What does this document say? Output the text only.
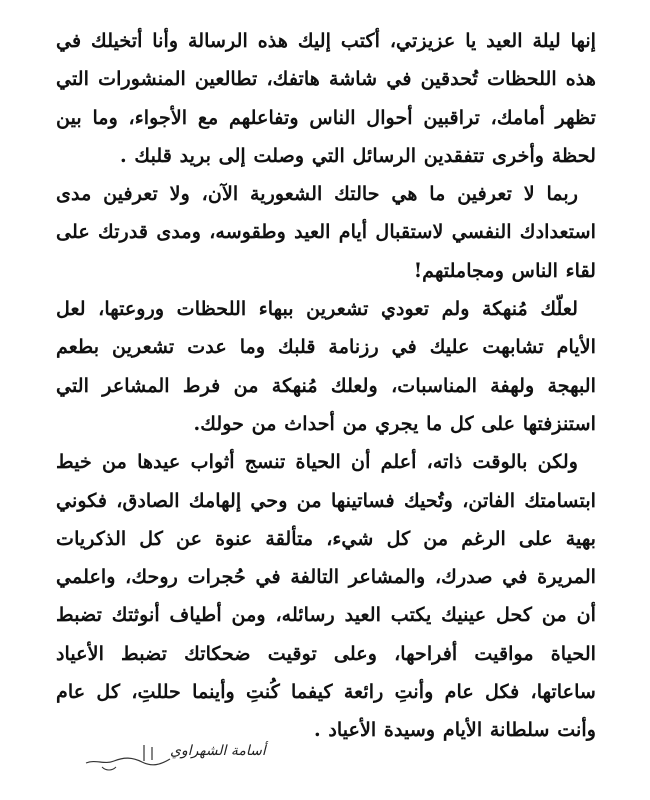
إنها ليلة العيد يا عزيزتي، أكتب إليك هذه الرسالة وأنا أتخيلك في هذه اللحظات تُحدقين في شاشة هاتفك، تطالعين المنشورات التي تظهر أمامك، تراقبين أحوال الناس وتفاعلهم مع الأجواء، وما بين لحظة وأخرى تتفقدين الرسائل التي وصلت إلى بريد قلبك .

ربما لا تعرفين ما هي حالتك الشعورية الآن، ولا تعرفين مدى استعدادك النفسي لاستقبال أيام العيد وطقوسه، ومدى قدرتك على لقاء الناس ومجاملتهم!

لعلّك مُنهكة ولم تعودي تشعرين ببهاء اللحظات وروعتها، لعل الأيام تشابهت عليك في رزنامة قلبك وما عدت تشعرين بطعم البهجة ولهفة المناسبات، ولعلك مُنهكة من فرط المشاعر التي استنزفتها على كل ما يجري من أحداث من حولك.

ولكن بالوقت ذاته، أعلم أن الحياة تنسج أثواب عيدها من خيط ابتسامتك الفاتن، وتُحيك فساتينها من وحي إلهامك الصادق، فكوني بهية على الرغم من كل شيء، متألقة عنوة عن كل الذكريات المريرة في صدرك، والمشاعر التالفة في حُجرات روحك، واعلمي أن من كحل عينيك يكتب العيد رسائله، ومن أطياف أنوثتك تضبط الحياة مواقيت أفراحها، وعلى توقيت ضحكاتك تضبط الأعياد ساعاتها، فكل عام وأنتِ رائعة كيفما كُنتِ وأينما حللتِ، كل عام وأنت سلطانة الأيام وسيدة الأعياد .

أسامة الشهراوي
